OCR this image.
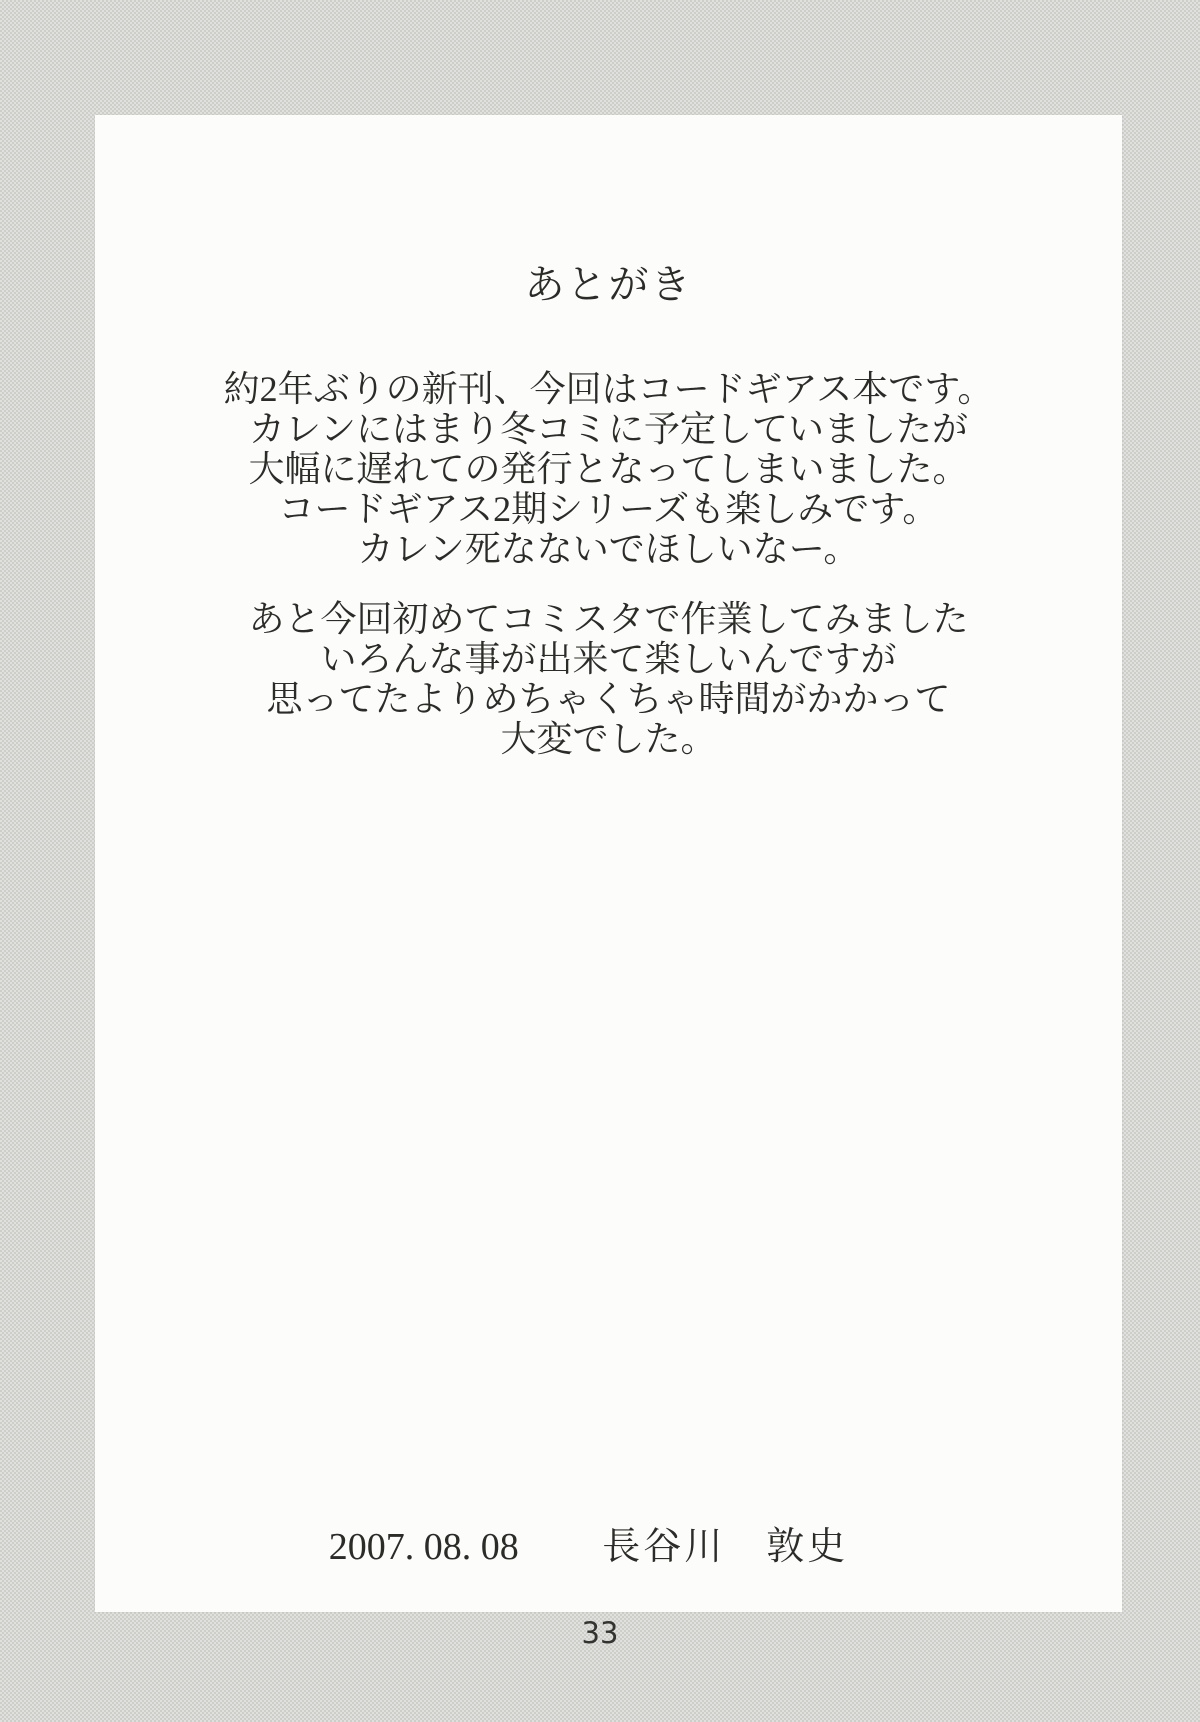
あとがき
約2年ぶりの新刊、今回はコードギアス本です。
カレンにはまり冬コミに予定していましたが
大幅に遅れての発行となってしまいました。
コードギアス2期シリーズも楽しみです。
カレン死なないでほしいなー。
あと今回初めてコミスタで作業してみました
いろんな事が出来て楽しいんですが
思ってたよりめちゃくちゃ時間がかかって
大変でした。
2007. 08. 08 長谷川　敦史
33
